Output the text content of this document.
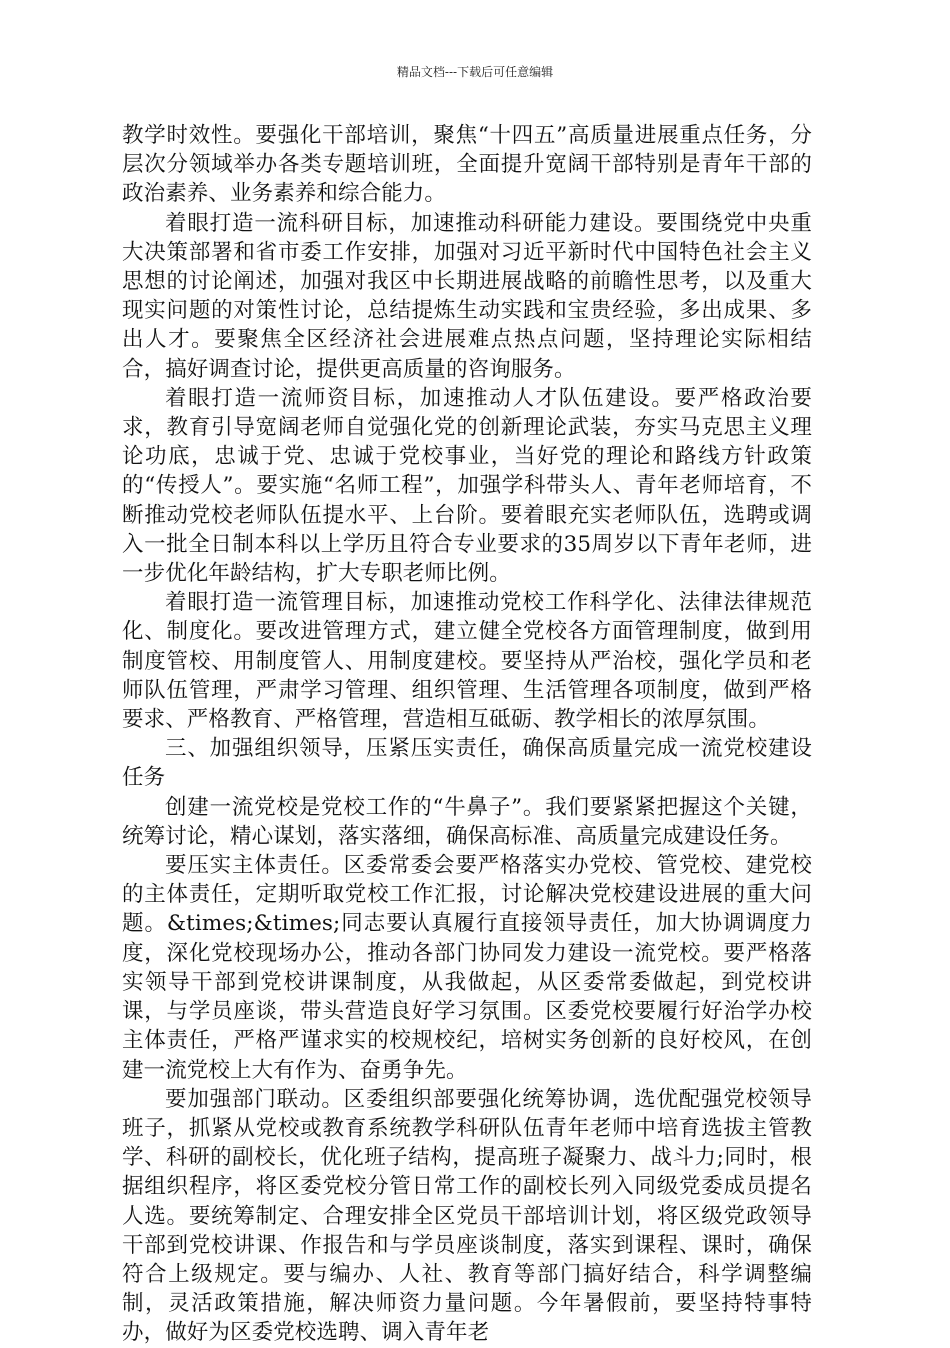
精品文档---下载后可任意编辑

教学时效性。要强化干部培训，聚焦“十四五”高质量进展重点任务，分层次分领域举办各类专题培训班，全面提升宽阔干部特别是青年干部的政治素养、业务素养和综合能力。

着眼打造一流科研目标，加速推动科研能力建设。要围绕党中央重大决策部署和省市委工作安排，加强对习近平新时代中国特色社会主义思想的讨论阐述，加强对我区中长期进展战略的前瞻性思考，以及重大现实问题的对策性讨论，总结提炼生动实践和宝贵经验，多出成果、多出人才。要聚焦全区经济社会进展难点热点问题，坚持理论实际相结合，搞好调查讨论，提供更高质量的咨询服务。

着眼打造一流师资目标，加速推动人才队伍建设。要严格政治要求，教育引导宽阔老师自觉强化党的创新理论武装，夯实马克思主义理论功底，忠诚于党、忠诚于党校事业，当好党的理论和路线方针政策的“传授人”。要实施“名师工程”，加强学科带头人、青年老师培育，不断推动党校老师队伍提水平、上台阶。要着眼充实老师队伍，选聘或调入一批全日制本科以上学历且符合专业要求的35周岁以下青年老师，进一步优化年龄结构，扩大专职老师比例。

着眼打造一流管理目标，加速推动党校工作科学化、法律法律规范化、制度化。要改进管理方式，建立健全党校各方面管理制度，做到用制度管校、用制度管人、用制度建校。要坚持从严治校，强化学员和老师队伍管理，严肃学习管理、组织管理、生活管理各项制度，做到严格要求、严格教育、严格管理，营造相互砥砺、教学相长的浓厚氛围。

三、加强组织领导，压紧压实责任，确保高质量完成一流党校建设任务

创建一流党校是党校工作的“牛鼻子”。我们要紧紧把握这个关键，统筹讨论，精心谋划，落实落细，确保高标准、高质量完成建设任务。

要压实主体责任。区委常委会要严格落实办党校、管党校、建党校的主体责任，定期听取党校工作汇报，讨论解决党校建设进展的重大问题。&times;&times;同志要认真履行直接领导责任，加大协调调度力度，深化党校现场办公，推动各部门协同发力建设一流党校。要严格落实领导干部到党校讲课制度，从我做起，从区委常委做起，到党校讲课，与学员座谈，带头营造良好学习氛围。区委党校要履行好治学办校主体责任，严格严谨求实的校规校纪，培树实务创新的良好校风，在创建一流党校上大有作为、奋勇争先。

要加强部门联动。区委组织部要强化统筹协调，选优配强党校领导班子，抓紧从党校或教育系统教学科研队伍青年老师中培育选拔主管教学、科研的副校长，优化班子结构，提高班子凝聚力、战斗力;同时，根据组织程序，将区委党校分管日常工作的副校长列入同级党委成员提名人选。要统筹制定、合理安排全区党员干部培训计划，将区级党政领导干部到党校讲课、作报告和与学员座谈制度，落实到课程、课时，确保符合上级规定。要与编办、人社、教育等部门搞好结合，科学调整编制，灵活政策措施，解决师资力量问题。今年暑假前，要坚持特事特办，做好为区委党校选聘、调入青年老
